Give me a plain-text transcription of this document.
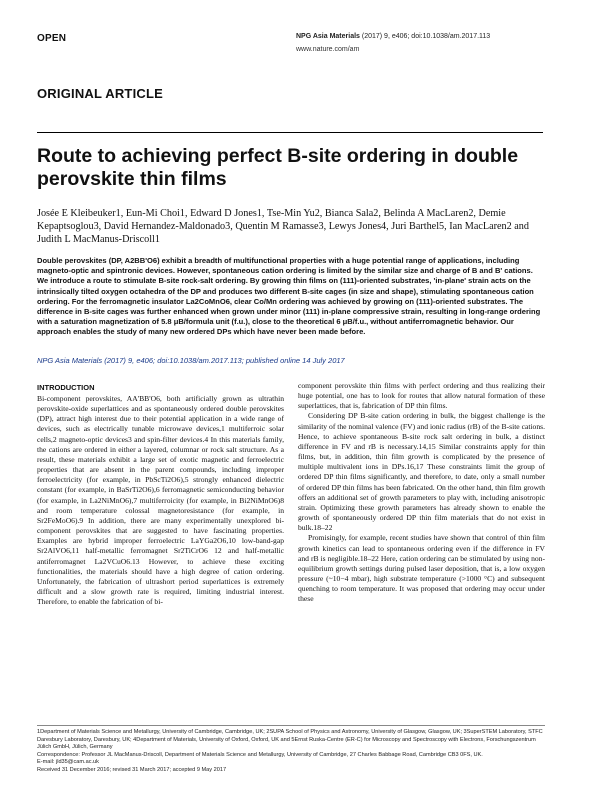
OPEN	NPG Asia Materials (2017) 9, e406; doi:10.1038/am.2017.113
www.nature.com/am
ORIGINAL ARTICLE
Route to achieving perfect B-site ordering in double perovskite thin films
Josée E Kleibeuker1, Eun-Mi Choi1, Edward D Jones1, Tse-Min Yu2, Bianca Sala2, Belinda A MacLaren2, Demie Kepaptsoglou3, David Hernandez-Maldonado3, Quentin M Ramasse3, Lewys Jones4, Juri Barthel5, Ian MacLaren2 and Judith L MacManus-Driscoll1
Double perovskites (DP, A2BB'O6) exhibit a breadth of multifunctional properties with a huge potential range of applications, including magneto-optic and spintronic devices. However, spontaneous cation ordering is limited by the similar size and charge of B and B' cations. We introduce a route to stimulate B-site rock-salt ordering. By growing thin films on (111)-oriented substrates, 'in-plane' strain acts on the intrinsically tilted oxygen octahedra of the DP and produces two different B-site cages (in size and shape), stimulating spontaneous cation ordering. For the ferromagnetic insulator La2CoMnO6, clear Co/Mn ordering was achieved by growing on (111)-oriented substrates. The difference in B-site cages was further enhanced when grown under minor (111) in-plane compressive strain, resulting in long-range ordering with a saturation magnetization of 5.8 μB/formula unit (f.u.), close to the theoretical 6 μB/f.u., without antiferromagnetic behavior. Our approach enables the study of many new ordered DPs which have never been made before.
NPG Asia Materials (2017) 9, e406; doi:10.1038/am.2017.113; published online 14 July 2017
INTRODUCTION

Bi-component perovskites, AA'BB'O6, both artificially grown as ultrathin perovskite-oxide superlattices and as spontaneously ordered double perovskites (DP), attract high interest due to their potential application in a wide range of devices, such as electrically tunable microwave devices,1 multiferroic solar cells,2 magneto-optic devices3 and spin-filter devices.4 In this materials family, the cations are ordered in either a layered, columnar or rock salt structure. As a result, these materials exhibit a large set of exotic magnetic and ferroelectric properties that are absent in the parent compounds, including improper ferroelectricity (for example, in PbScTi2O6),5 strongly enhanced dielectric constant (for example, in BaSrTi2O6),6 ferromagnetic semiconducting behavior (for example, in La2NiMnO6),7 multiferroicity (for example, in Bi2NiMnO6)8 and room temperature colossal magnetoresistance (for example, in Sr2FeMoO6).9 In addition, there are many experimentally unexplored bi-component perovskites that are suggested to have fascinating properties. Examples are hybrid improper ferroelectric LaYGa2O6,10 low-band-gap Sr2AlVO6,11 half-metallic ferromagnet Sr2TiCrO6 12 and half-metallic antiferromagnet La2VCuO6.13 However, to achieve these exciting functionalities, the materials should have a high degree of cation ordering. Unfortunately, the fabrication of ultrashort period superlattices is extremely difficult and a slow growth rate is required, limiting industrial interest. Therefore, to enable the fabrication of bi-

component perovskite thin films with perfect ordering and thus realizing their huge potential, one has to look for routes that allow natural formation of these superlattices, that is, fabrication of DP thin films.

Considering DP B-site cation ordering in bulk, the biggest challenge is the similarity of the nominal valence (FV) and ionic radius (rB) of the B-site cations. Hence, to achieve spontaneous B-site rock salt ordering in bulk, a distinct difference in FV and rB is necessary.14,15 Similar constraints apply for thin films, but, in addition, thin film growth is complicated by the presence of multiple multivalent ions in DPs.16,17 These constraints limit the group of ordered DP thin films significantly, and therefore, to date, only a small number of ordered DP thin films has been fabricated. On the other hand, thin film growth offers an additional set of growth parameters to play with, including anisotropic strain. Optimizing these growth parameters has already shown to enable the growth of spontaneously ordered DP thin film materials that do not exist in bulk.18–22

Promisingly, for example, recent studies have shown that control of thin film growth kinetics can lead to spontaneous ordering even if the difference in FV and rB is negligible.18–22 Here, cation ordering can be stimulated by using non-equilibrium growth settings during pulsed laser deposition, that is, a low oxygen pressure (~10−4 mbar), high substrate temperature (>1000 °C) and subsequent quenching to room temperature. It was proposed that ordering may occur under these

1Department of Materials Science and Metallurgy, University of Cambridge, Cambridge, UK; 2SUPA School of Physics and Astronomy, University of Glasgow, Glasgow, UK; 3SuperSTEM Laboratory, STFC Daresbury Laboratory, Daresbury, UK; 4Department of Materials, University of Oxford, Oxford, UK and 5Ernst Ruska-Centre (ER-C) for Microscopy and Spectroscopy with Electrons, Forschungszentrum Jülich GmbH, Jülich, Germany

Correspondence: Professor JL MacManus-Driscoll, Department of Materials Science and Metallurgy, University of Cambridge, 27 Charles Babbage Road, Cambridge CB3 0FS, UK.

E-mail: jld35@cam.ac.uk

Received 31 December 2016; revised 31 March 2017; accepted 9 May 2017
